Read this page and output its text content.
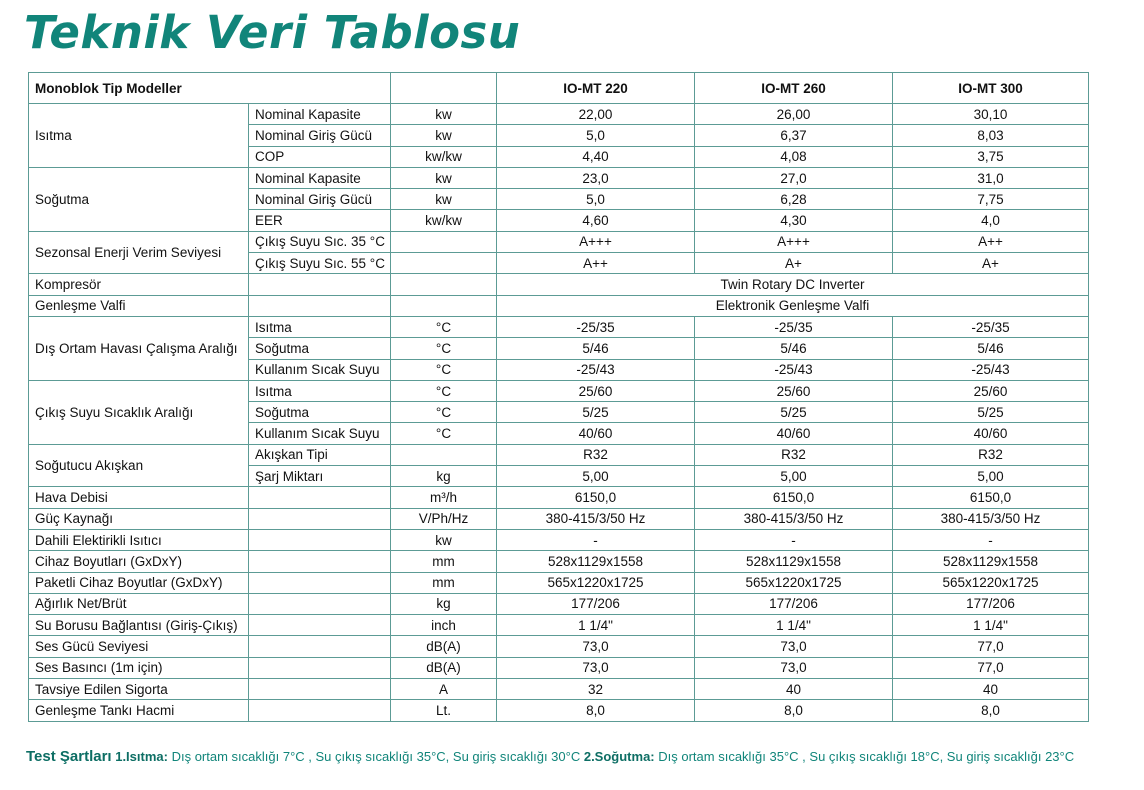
Teknik Veri Tablosu
Monoblok Tip Modeller			IO-MT 220	IO-MT 260	IO-MT 300
Isıtma	Nominal Kapasite	kw	22,00	26,00	30,10
	Nominal Giriş Gücü	kw	5,0	6,37	8,03
	COP	kw/kw	4,40	4,08	3,75
Soğutma	Nominal Kapasite	kw	23,0	27,0	31,0
	Nominal Giriş Gücü	kw	5,0	6,28	7,75
	EER	kw/kw	4,60	4,30	4,0
Sezonsal Enerji Verim Seviyesi	Çıkış Suyu Sıc. 35 °C		A+++	A+++	A++
	Çıkış Suyu Sıc. 55 °C		A++	A+	A+
Kompresör			Twin Rotary DC Inverter		
Genleşme Valfi			Elektronik Genleşme Valfi		
Dış Ortam Havası Çalışma Aralığı	Isıtma	°C	-25/35	-25/35	-25/35
	Soğutma	°C	5/46	5/46	5/46
	Kullanım Sıcak Suyu	°C	-25/43	-25/43	-25/43
Çıkış Suyu Sıcaklık Aralığı	Isıtma	°C	25/60	25/60	25/60
	Soğutma	°C	5/25	5/25	5/25
	Kullanım Sıcak Suyu	°C	40/60	40/60	40/60
Soğutucu Akışkan	Akışkan Tipi		R32	R32	R32
	Şarj Miktarı	kg	5,00	5,00	5,00
Hava Debisi		m³/h	6150,0	6150,0	6150,0
Güç Kaynağı		V/Ph/Hz	380-415/3/50 Hz	380-415/3/50 Hz	380-415/3/50 Hz
Dahili Elektirikli Isıtıcı		kw	-	-	-
Cihaz Boyutları (GxDxY)		mm	528x1129x1558	528x1129x1558	528x1129x1558
Paketli Cihaz Boyutlar (GxDxY)		mm	565x1220x1725	565x1220x1725	565x1220x1725
Ağırlık Net/Brüt		kg	177/206	177/206	177/206
Su Borusu Bağlantısı (Giriş-Çıkış)		inch	1 1/4"	1 1/4"	1 1/4"
Ses Gücü Seviyesi		dB(A)	73,0	73,0	77,0
Ses Basıncı (1m için)		dB(A)	73,0	73,0	77,0
Tavsiye Edilen Sigorta		A	32	40	40
Genleşme Tankı Hacmi		Lt.	8,0	8,0	8,0
Test Şartları 1.Isıtma: Dış ortam sıcaklığı 7°C , Su çıkış sıcaklığı 35°C, Su giriş sıcaklığı 30°C 2.Soğutma: Dış ortam sıcaklığı 35°C , Su çıkış sıcaklığı 18°C, Su giriş sıcaklığı 23°C
